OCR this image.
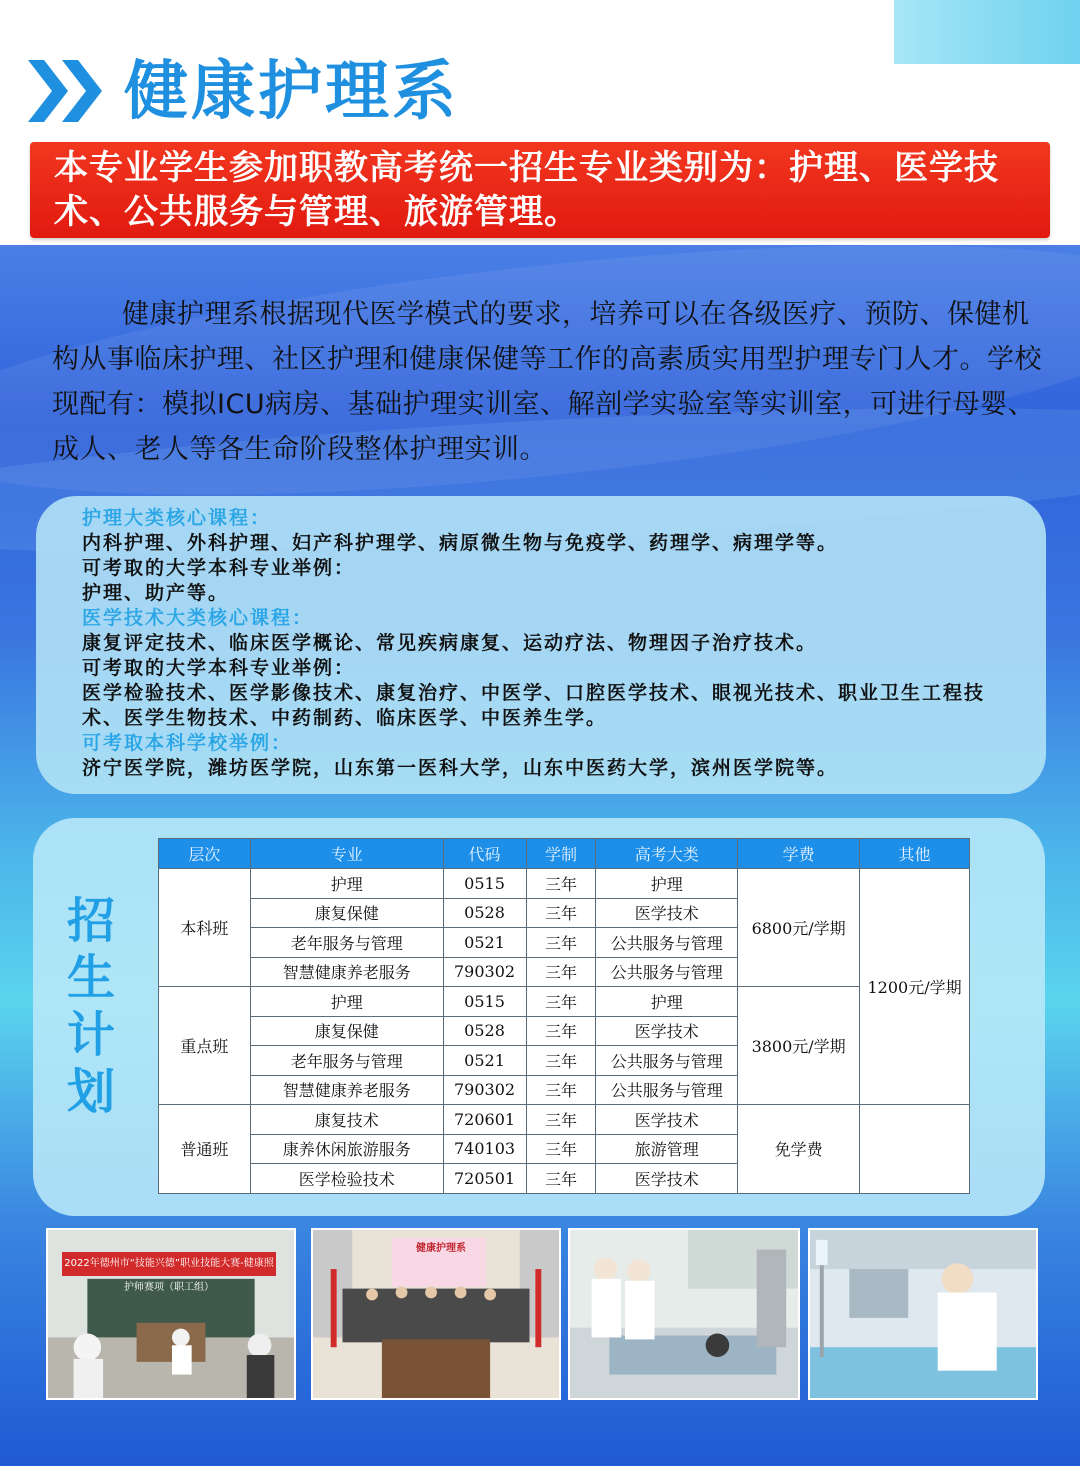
健康护理系

本专业学生参加职教高考统一招生专业类别为：护理、医学技术、公共服务与管理、旅游管理。

健康护理系根据现代医学模式的要求，培养可以在各级医疗、预防、保健机构从事临床护理、社区护理和健康保健等工作的高素质实用型护理专门人才。学校现配有：模拟ICU病房、基础护理实训室、解剖学实验室等实训室，可进行母婴、成人、老人等各生命阶段整体护理实训。

护理大类核心课程：
内科护理、外科护理、妇产科护理学、病原微生物与免疫学、药理学、病理学等。
可考取的大学本科专业举例：
护理、助产等。
医学技术大类核心课程：
康复评定技术、临床医学概论、常见疾病康复、运动疗法、物理因子治疗技术。
可考取的大学本科专业举例：
医学检验技术、医学影像技术、康复治疗、中医学、口腔医学技术、眼视光技术、职业卫生工程技术、医学生物技术、中药制药、临床医学、中医养生学。
可考取本科学校举例：
济宁医学院，潍坊医学院，山东第一医科大学，山东中医药大学，滨州医学院等。
招
生
计
划
层次	专业	代码	学制	高考大类	学费	其他
本科班	护理	0515	三年	护理	6800元/学期	1200元/学期
	康复保健	0528	三年	医学技术		
	老年服务与管理	0521	三年	公共服务与管理		
	智慧健康养老服务	790302	三年	公共服务与管理		
重点班	护理	0515	三年	护理	3800元/学期	
	康复保健	0528	三年	医学技术		
	老年服务与管理	0521	三年	公共服务与管理		
	智慧健康养老服务	790302	三年	公共服务与管理		
普通班	康复技术	720601	三年	医学技术	免学费	
	康养休闲旅游服务	740103	三年	旅游管理		
	医学检验技术	720501	三年	医学技术		
2022年德州市“技能兴德”职业技能大赛-健康照护师赛项（职工组）
健康护理系
